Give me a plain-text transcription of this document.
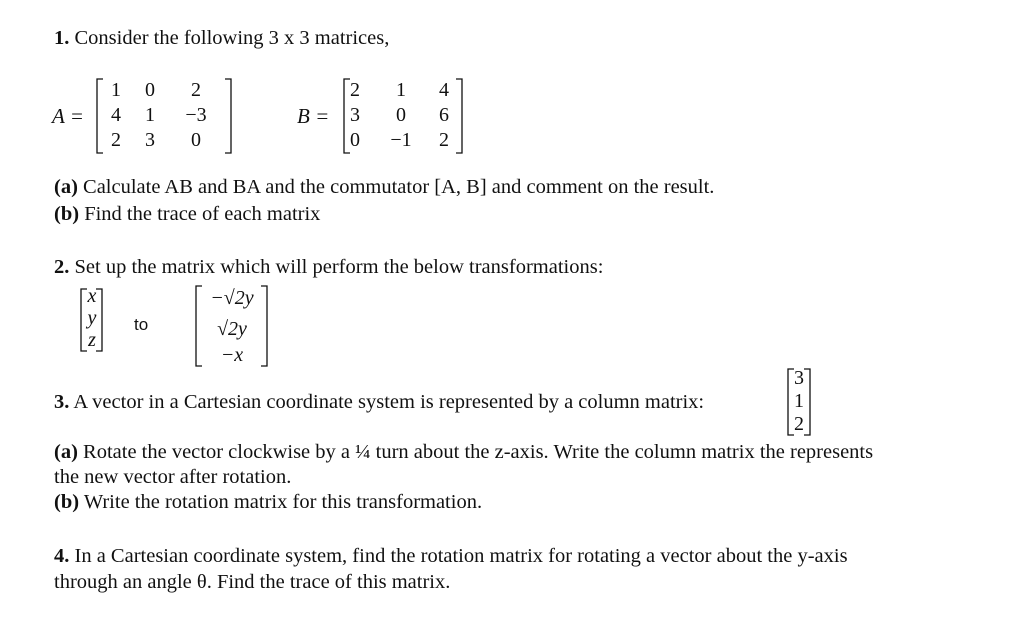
1. Consider the following 3 x 3 matrices,
A =
1	0	2
4	1	−3
2	3	0
B =
2	1	4
3	0	6
0	−1	2
(a) Calculate AB and BA and the commutator [A, B] and comment on the result.
(b) Find the trace of each matrix
2. Set up the matrix which will perform the below transformations:
x
y
z
to
−√2y
√2y
−x
3. A vector in a Cartesian coordinate system is represented by a column matrix:
3
1
2
(a) Rotate the vector clockwise by a ¼ turn about the z-axis. Write the column matrix the represents
the new vector after rotation.
(b) Write the rotation matrix for this transformation.
4. In a Cartesian coordinate system, find the rotation matrix for rotating a vector about the y-axis
through an angle θ. Find the trace of this matrix.
